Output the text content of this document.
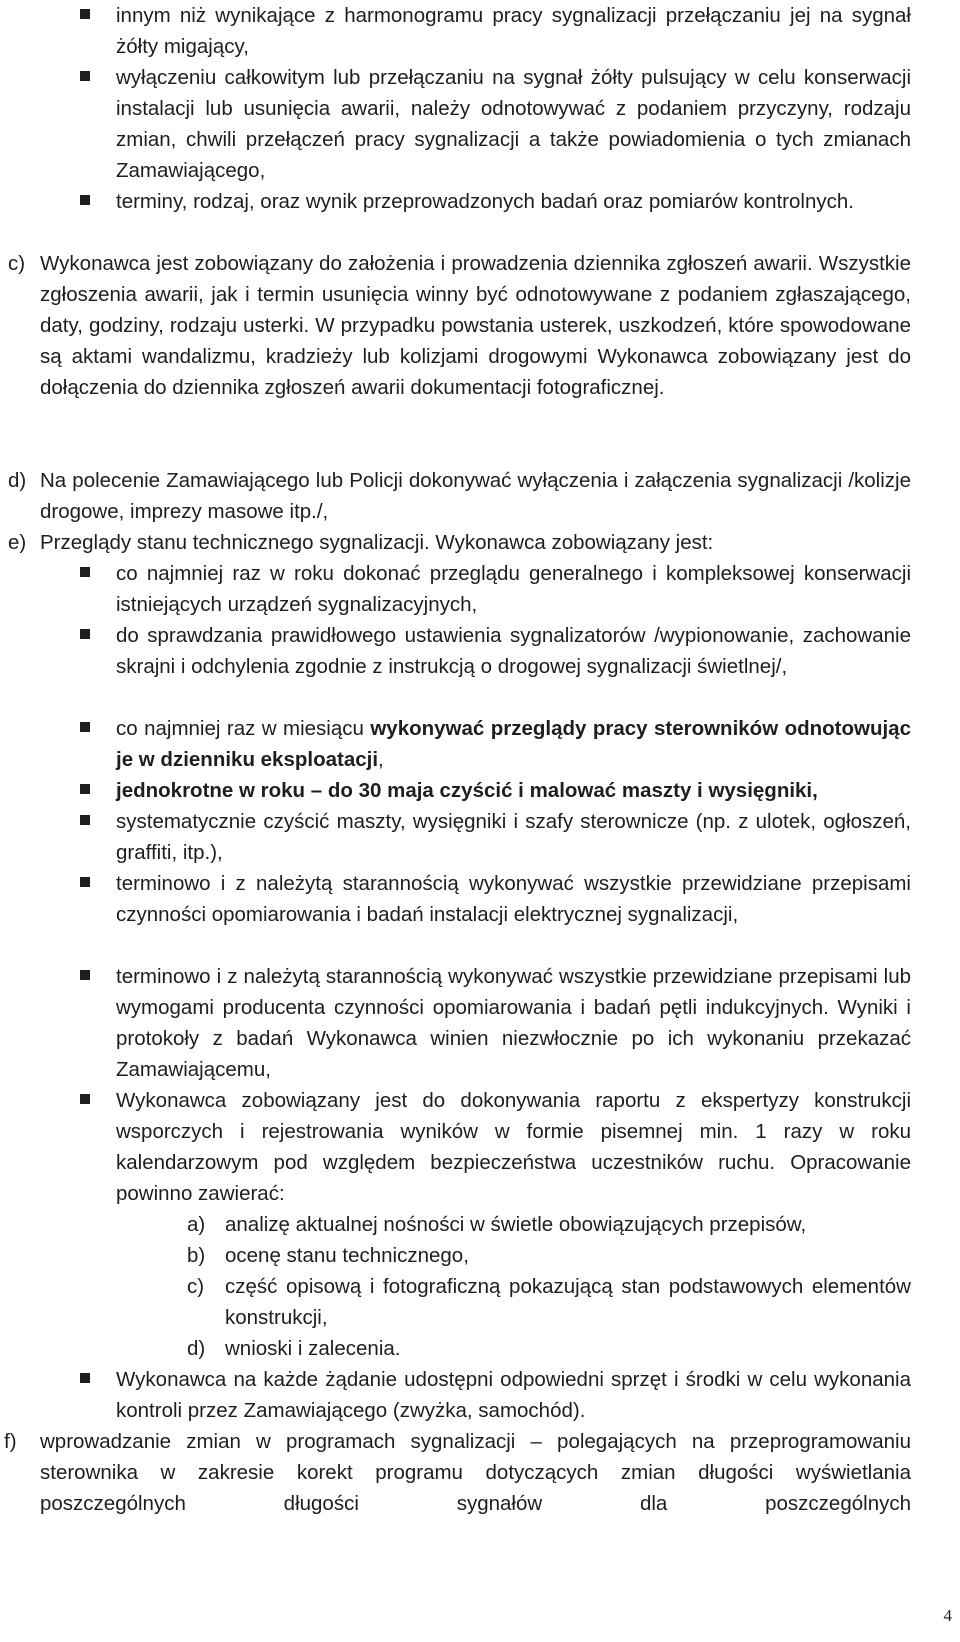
innym niż wynikające z harmonogramu pracy sygnalizacji przełączaniu jej na sygnał żółty migający,
wyłączeniu całkowitym lub przełączaniu na sygnał żółty pulsujący w celu konserwacji instalacji lub usunięcia awarii, należy odnotowywać z podaniem przyczyny, rodzaju zmian, chwili przełączeń pracy sygnalizacji a także powiadomienia o tych zmianach Zamawiającego,
terminy, rodzaj, oraz wynik przeprowadzonych badań oraz pomiarów kontrolnych.
c) Wykonawca jest zobowiązany do założenia i prowadzenia dziennika zgłoszeń awarii. Wszystkie zgłoszenia awarii, jak i termin usunięcia winny być odnotowywane z podaniem zgłaszającego, daty, godziny, rodzaju usterki. W przypadku powstania usterek, uszkodzeń, które spowodowane są aktami wandalizmu, kradzieży lub kolizjami drogowymi Wykonawca zobowiązany jest do dołączenia do dziennika zgłoszeń awarii dokumentacji fotograficznej.
d) Na polecenie Zamawiającego lub Policji dokonywać wyłączenia i załączenia sygnalizacji /kolizje drogowe, imprezy masowe itp./,
e) Przeglądy stanu technicznego sygnalizacji. Wykonawca zobowiązany jest:
co najmniej raz w roku dokonać przeglądu generalnego i kompleksowej konserwacji istniejących urządzeń sygnalizacyjnych,
do sprawdzania prawidłowego ustawienia sygnalizatorów /wypionowanie, zachowanie skrajni i odchylenia zgodnie z instrukcją o drogowej sygnalizacji świetlnej/,
co najmniej raz w miesiącu wykonywać przeglądy pracy sterowników odnotowując je w dzienniku eksploatacji,
jednokrotne w roku – do 30 maja czyścić i malować maszty i wysięgniki,
systematycznie czyścić maszty, wysięgniki i szafy sterownicze (np. z ulotek, ogłoszeń, graffiti, itp.),
terminowo i z należytą starannością wykonywać wszystkie przewidziane przepisami czynności opomiarowania i badań instalacji elektrycznej sygnalizacji,
terminowo i z należytą starannością wykonywać wszystkie przewidziane przepisami lub wymogami producenta czynności opomiarowania i badań pętli indukcyjnych. Wyniki i protokoły z badań Wykonawca winien niezwłocznie po ich wykonaniu przekazać Zamawiającemu,
Wykonawca zobowiązany jest do dokonywania raportu z ekspertyzy konstrukcji wsporczych i rejestrowania wyników w formie pisemnej min. 1 razy w roku kalendarzowym pod względem bezpieczeństwa uczestników ruchu. Opracowanie powinno zawierać:
a) analizę aktualnej nośności w świetle obowiązujących przepisów,
b) ocenę stanu technicznego,
c) część opisową i fotograficzną pokazującą stan podstawowych elementów konstrukcji,
d) wnioski i zalecenia.
Wykonawca na każde żądanie udostępni odpowiedni sprzęt i środki w celu wykonania kontroli przez Zamawiającego (zwyżka, samochód).
f) wprowadzanie zmian w programach sygnalizacji – polegających na przeprogramowaniu sterownika w zakresie korekt programu dotyczących zmian długości wyświetlania poszczególnych długości sygnałów dla poszczególnych
4
